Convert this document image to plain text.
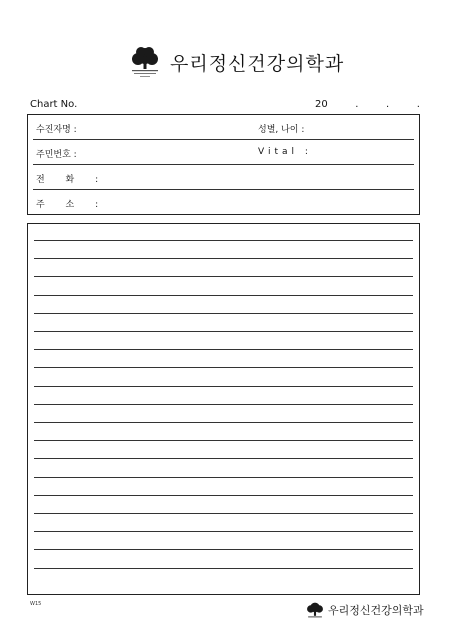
우리정신건강의학과
Chart No.	20	.	.	.
수진자명 :	성별, 나이 :
주민번호 :	Vital :
전 화 :
주 소 :
W15	우리정신건강의학과
